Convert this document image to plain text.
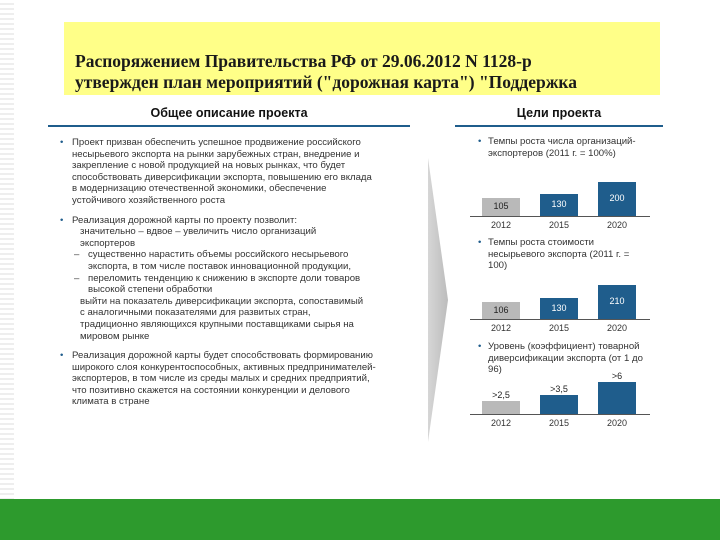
Распоряжением Правительства РФ от 29.06.2012 N 1128-р
утвержден план мероприятий ("дорожная карта") "Поддержка
Общее описание проекта	Цели проекта
• Проект призван обеспечить успешное продвижение российского
несырьевого экспорта на рынки зарубежных стран, внедрение и
закрепление с новой продукцией на новых рынках, что будет
способствовать диверсификации экспорта, повышению его вклада
в модернизацию отечественной экономики, обеспечение
устойчивого хозяйственного роста
• Реализация дорожной карты по проекту позволит:
значительно – вдвое – увеличить число организаций
экспортеров
– существенно нарастить объемы российского несырьевого
экспорта, в том числе поставок инновационной продукции,
– переломить тенденцию к снижению в экспорте доли товаров
высокой степени обработки
выйти на показатель диверсификации экспорта, сопоставимый
с аналогичными показателями для развитых стран,
традиционно являющихся крупными поставщиками сырья на
мировом рынке
• Реализация дорожной карты будет способствовать формированию
широкого слоя конкурентоспособных, активных предпринимателей-
экспортеров, в том числе из среды малых и средних предприятий,
что позитивно скажется на состоянии конкуренции и делового
климата в стране
• Темпы роста числа организаций-
экспортеров (2011 г. = 100%)
• Темпы роста стоимости
несырьевого экспорта (2011 г. =
100)
• Уровень (коэффициент) товарной
диверсификации экспорта (от 1 до
96)
105
2012
130
2015
200
2020
106
2012
130
2015
210
2020
>2,5
2012
>3,5
2015
>6
2020
